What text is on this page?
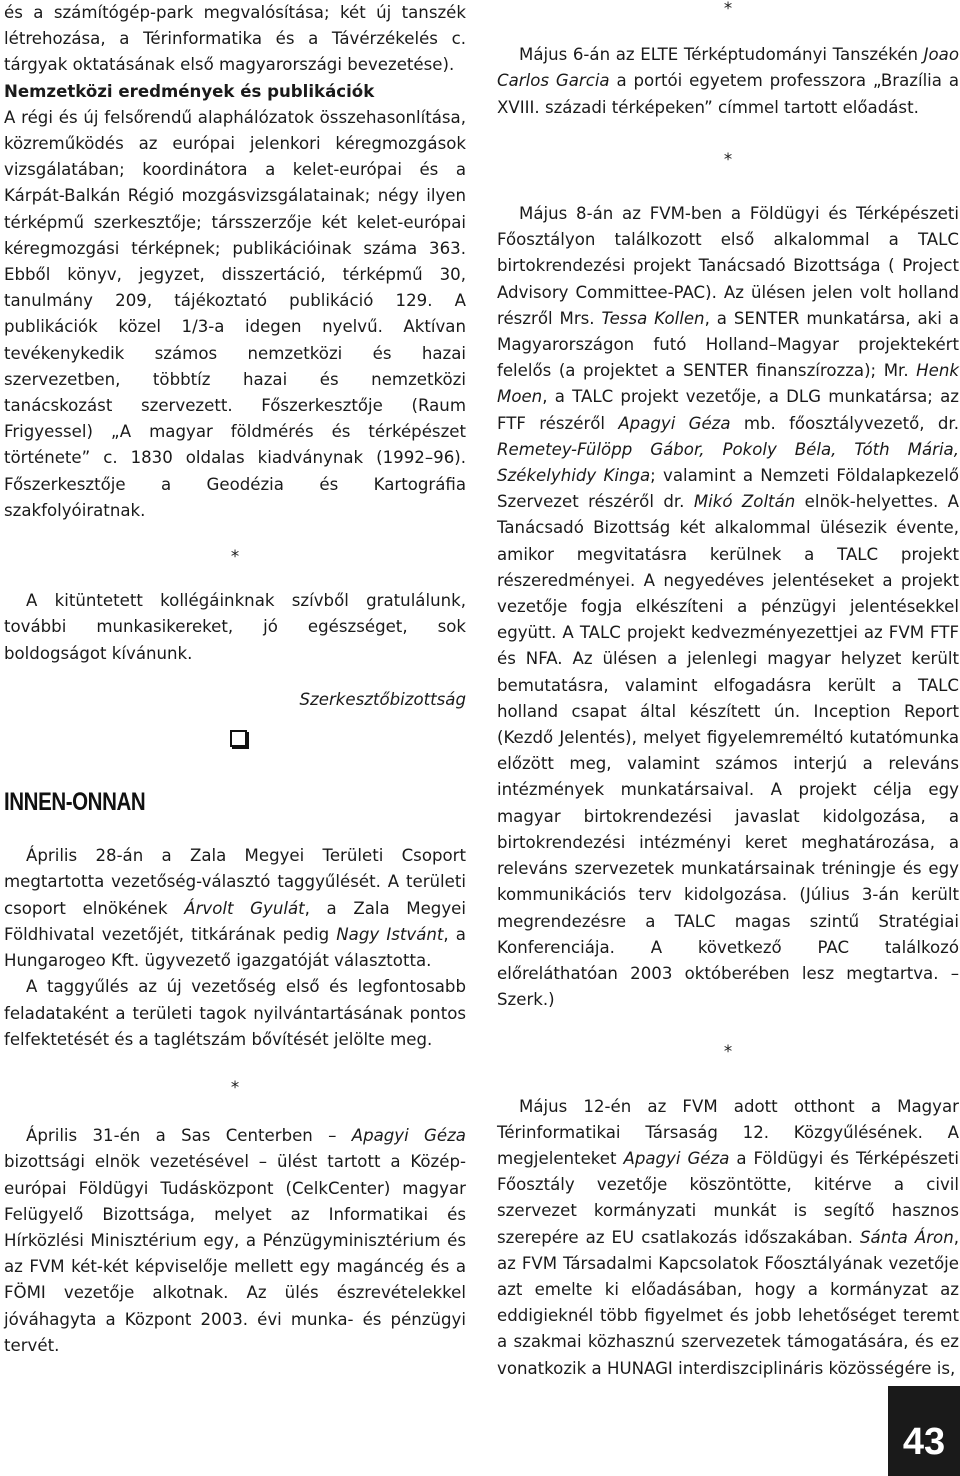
és a számítógép-park megvalósítása; két új tanszék létrehozása, a Térinformatika és a Távérzékelés c. tárgyak oktatásának első magyarországi bevezetése).

Nemzetközi eredmények és publikációk

A régi és új felsőrendű alaphálózatok összehasonlítása, közreműködés az európai jelenkori kéregmozgások vizsgálatában; koordinátora a kelet-európai és a Kárpát-Balkán Régió mozgásvizsgálatainak; négy ilyen térképmű szerkesztője; társszerzője két kelet-európai kéregmozgási térképnek; publikációinak száma 363. Ebből könyv, jegyzet, disszertáció, térképmű 30, tanulmány 209, tájékoztató publikáció 129. A publikációk közel 1/3-a idegen nyelvű. Aktívan tevékenykedik számos nemzetközi és hazai szervezetben, többtíz hazai és nemzetközi tanácskozást szervezett. Főszerkesztője (Raum Frigyessel) „A magyar földmérés és térképészet története” c. 1830 oldalas kiadványnak (1992–96). Főszerkesztője a Geodézia és Kartográfia szakfolyóiratnak.

*

A kitüntetett kollégáinknak szívből gratulálunk, további munkasikereket, jó egészséget, sok boldogságot kívánunk.

Szerkesztőbizottság

INNEN-ONNAN

Április 28-án a Zala Megyei Területi Csoport megtartotta vezetőség-választó taggyűlését. A területi csoport elnökének Árvolt Gyulát, a Zala Megyei Földhivatal vezetőjét, titkárának pedig Nagy Istvánt, a Hungarogeo Kft. ügyvezető igazgatóját választotta.

A taggyűlés az új vezetőség első és legfontosabb feladataként a területi tagok nyilvántartásának pontos felfektetését és a taglétszám bővítését jelölte meg.

*

Április 31-én a Sas Centerben – Apagyi Géza bizottsági elnök vezetésével – ülést tartott a Közép-európai Földügyi Tudásközpont (CelkCenter) magyar Felügyelő Bizottsága, melyet az Informatikai és Hírközlési Minisztérium egy, a Pénzügyminisztérium és az FVM két-két képviselője mellett egy magáncég és a FÖMI vezetője alkotnak. Az ülés észrevételekkel jóváhagyta a Központ 2003. évi munka- és pénzügyi tervét.

*

Május 6-án az ELTE Térképtudományi Tanszékén Joao Carlos Garcia a portói egyetem professzora „Brazília a XVIII. századi térképeken” címmel tartott előadást.

*

Május 8-án az FVM-ben a Földügyi és Térképészeti Főosztályon találkozott első alkalommal a TALC birtokrendezési projekt Tanácsadó Bizottsága ( Project Advisory Committee-PAC). Az ülésen jelen volt holland részről Mrs. Tessa Kollen, a SENTER munkatársa, aki a Magyarországon futó Holland–Magyar projektekért felelős (a projektet a SENTER finanszírozza); Mr. Henk Moen, a TALC projekt vezetője, a DLG munkatársa; az FTF részéről Apagyi Géza mb. főosztályvezető, dr. Remetey-Fülöpp Gábor, Pokoly Béla, Tóth Mária, Székelyhidy Kinga; valamint a Nemzeti Földalapkezelő Szervezet részéről dr. Mikó Zoltán elnök-helyettes. A Tanácsadó Bizottság két alkalommal ülésezik évente, amikor megvitatásra kerülnek a TALC projekt részeredményei. A negyedéves jelentéseket a projekt vezetője fogja elkészíteni a pénzügyi jelentésekkel együtt. A TALC projekt kedvezményezettjei az FVM FTF és NFA. Az ülésen a jelenlegi magyar helyzet került bemutatásra, valamint elfogadásra került a TALC holland csapat által készített ún. Inception Report (Kezdő Jelentés), melyet figyelemreméltó kutatómunka előzött meg, valamint számos interjú a releváns intézmények munkatársaival. A projekt célja egy magyar birtokrendezési javaslat kidolgozása, a birtokrendezési intézményi keret meghatározása, a releváns szervezetek munkatársainak tréningje és egy kommunikációs terv kidolgozása. (Július 3-án került megrendezésre a TALC magas szintű Stratégiai Konferenciája. A következő PAC találkozó előreláthatóan 2003 októberében lesz megtartva. – Szerk.)

*

Május 12-én az FVM adott otthont a Magyar Térinformatikai Társaság 12. Közgyűlésének. A megjelenteket Apagyi Géza a Földügyi és Térképészeti Főosztály vezetője köszöntötte, kitérve a civil szervezet kormányzati munkát is segítő hasznos szerepére az EU csatlakozás időszakában. Sánta Áron, az FVM Társadalmi Kapcsolatok Főosztályának vezetője azt emelte ki előadásában, hogy a kormányzat az eddigieknél több figyelmet és jobb lehetőséget teremt a szakmai közhasznú szervezetek támogatására, és ez vonatkozik a HUNAGI interdiszciplináris közösségére is,

43
